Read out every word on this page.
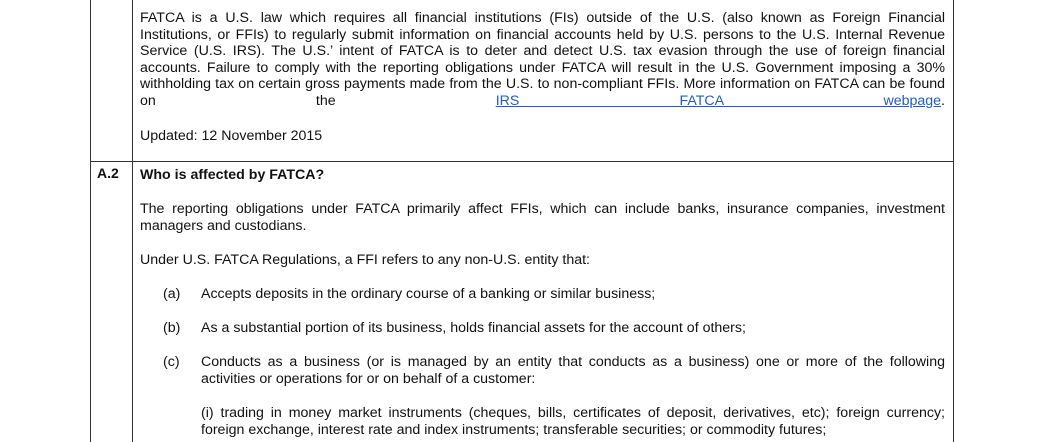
FATCA is a U.S. law which requires all financial institutions (FIs) outside of the U.S. (also known as Foreign Financial Institutions, or FFIs) to regularly submit information on financial accounts held by U.S. persons to the U.S. Internal Revenue Service (U.S. IRS). The U.S.’ intent of FATCA is to deter and detect U.S. tax evasion through the use of foreign financial accounts. Failure to comply with the reporting obligations under FATCA will result in the U.S. Government imposing a 30% withholding tax on certain gross payments made from the U.S. to non-compliant FFIs. More information on FATCA can be found on the IRS FATCA webpage.
Updated: 12 November 2015
A.2 Who is affected by FATCA?
The reporting obligations under FATCA primarily affect FFIs, which can include banks, insurance companies, investment managers and custodians.
Under U.S. FATCA Regulations, a FFI refers to any non-U.S. entity that:
(a) Accepts deposits in the ordinary course of a banking or similar business;
(b) As a substantial portion of its business, holds financial assets for the account of others;
(c) Conducts as a business (or is managed by an entity that conducts as a business) one or more of the following activities or operations for or on behalf of a customer:
(i) trading in money market instruments (cheques, bills, certificates of deposit, derivatives, etc); foreign currency; foreign exchange, interest rate and index instruments; transferable securities; or commodity futures;
